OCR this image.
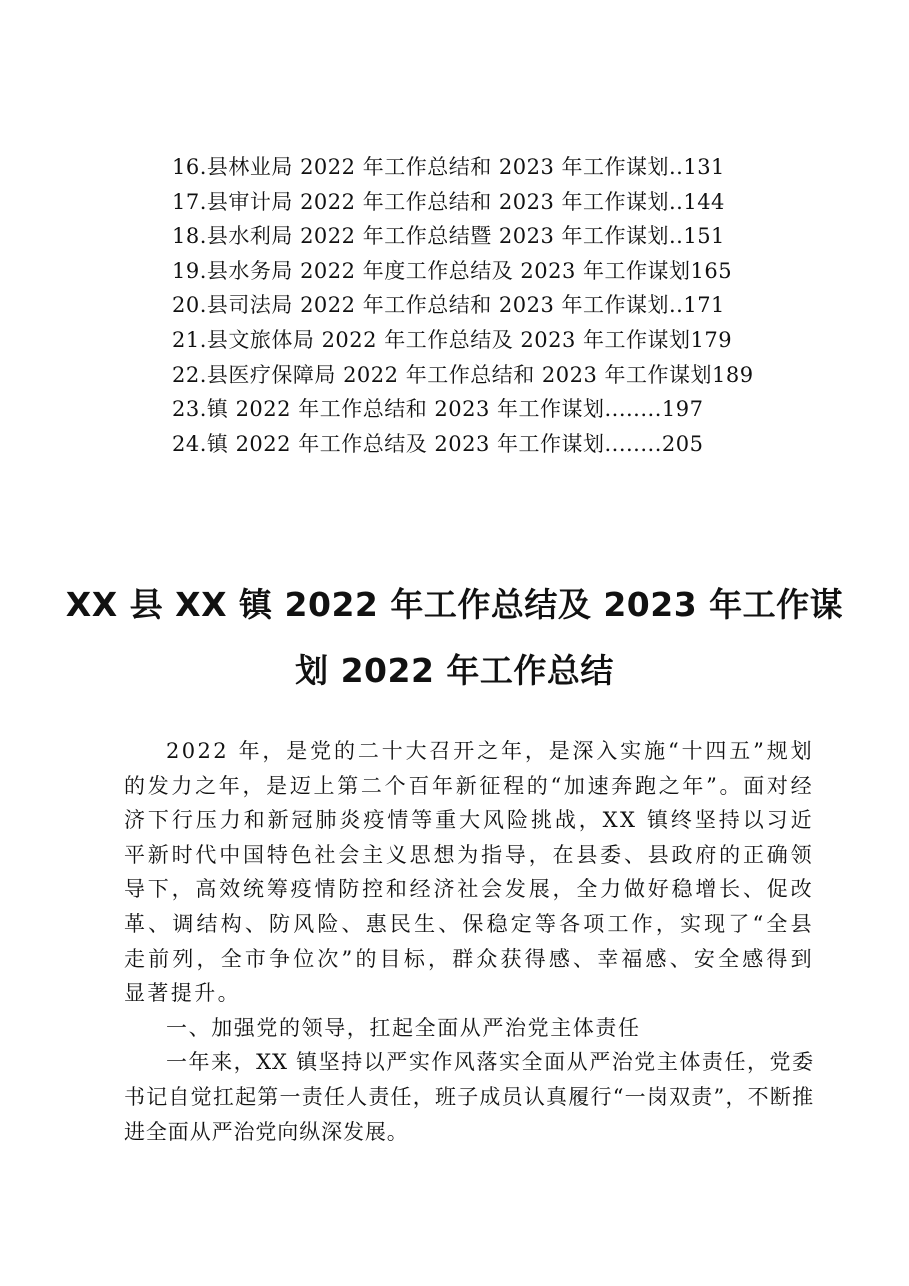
16.县林业局 2022 年工作总结和 2023 年工作谋划..131
17.县审计局 2022 年工作总结和 2023 年工作谋划..144
18.县水利局 2022 年工作总结暨 2023 年工作谋划..151
19.县水务局 2022 年度工作总结及 2023 年工作谋划165
20.县司法局 2022 年工作总结和 2023 年工作谋划..171
21.县文旅体局 2022 年工作总结及 2023 年工作谋划179
22.县医疗保障局 2022 年工作总结和 2023 年工作谋划189
23.镇 2022 年工作总结和 2023 年工作谋划........197
24.镇 2022 年工作总结及 2023 年工作谋划........205
XX 县 XX 镇 2022 年工作总结及 2023 年工作谋
划 2022 年工作总结

2022 年，是党的二十大召开之年，是深入实施“十四五”规划的发力之年，是迈上第二个百年新征程的“加速奔跑之年”。面对经济下行压力和新冠肺炎疫情等重大风险挑战，XX 镇终坚持以习近平新时代中国特色社会主义思想为指导，在县委、县政府的正确领导下，高效统筹疫情防控和经济社会发展，全力做好稳增长、促改革、调结构、防风险、惠民生、保稳定等各项工作，实现了“全县走前列，全市争位次”的目标，群众获得感、幸福感、安全感得到显著提升。

一、加强党的领导，扛起全面从严治党主体责任

一年来，XX 镇坚持以严实作风落实全面从严治党主体责任，党委书记自觉扛起第一责任人责任，班子成员认真履行“一岗双责”，不断推进全面从严治党向纵深发展。
